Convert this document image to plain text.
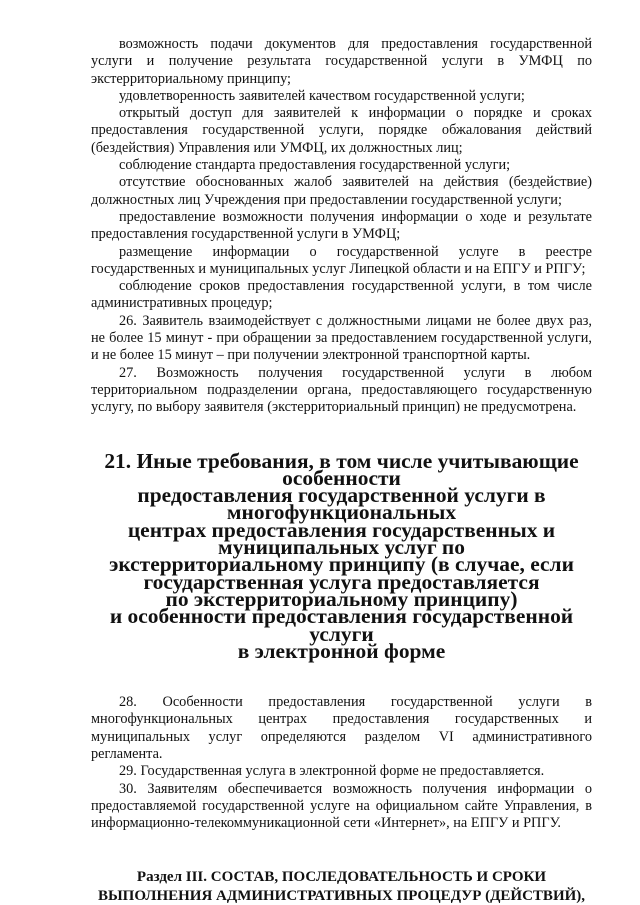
возможность подачи документов для предоставления государственной услуги и получение результата государственной услуги в УМФЦ по экстерриториальному принципу;

удовлетворенность заявителей качеством государственной услуги;

открытый доступ для заявителей к информации о порядке и сроках предоставления государственной услуги, порядке обжалования действий (бездействия) Управления или УМФЦ, их должностных лиц;

соблюдение стандарта предоставления государственной услуги;

отсутствие обоснованных жалоб заявителей на действия (бездействие) должностных лиц Учреждения при предоставлении государственной услуги;

предоставление возможности получения информации о ходе и результате предоставления государственной услуги в УМФЦ;

размещение информации о государственной услуге в реестре государственных и муниципальных услуг Липецкой области и на ЕПГУ и РПГУ;

соблюдение сроков предоставления государственной услуги, в том числе административных процедур;

26. Заявитель взаимодействует с должностными лицами не более двух раз, не более 15 минут - при обращении за предоставлением государственной услуги, и не более 15 минут – при получении электронной транспортной карты.

27. Возможность получения государственной услуги в любом территориальном подразделении органа, предоставляющего государственную услугу, по выбору заявителя (экстерриториальный принцип) не предусмотрена.

21. Иные требования, в том числе учитывающие особенности
предоставления государственной услуги в многофункциональных
центрах предоставления государственных и муниципальных услуг по
экстерриториальному принципу (в случае, если
государственная услуга предоставляется
по экстерриториальному принципу)
и особенности предоставления государственной услуги
в электронной форме

28. Особенности предоставления государственной услуги в многофункциональных центрах предоставления государственных и муниципальных услуг определяются разделом VI административного регламента.

29. Государственная услуга в электронной форме не предоставляется.

30. Заявителям обеспечивается возможность получения информации о предоставляемой государственной услуге на официальном сайте Управления, в информационно-телекоммуникационной сети «Интернет», на ЕПГУ и РПГУ.

Раздел III. СОСТАВ, ПОСЛЕДОВАТЕЛЬНОСТЬ И СРОКИ
ВЫПОЛНЕНИЯ АДМИНИСТРАТИВНЫХ ПРОЦЕДУР (ДЕЙСТВИЙ),
